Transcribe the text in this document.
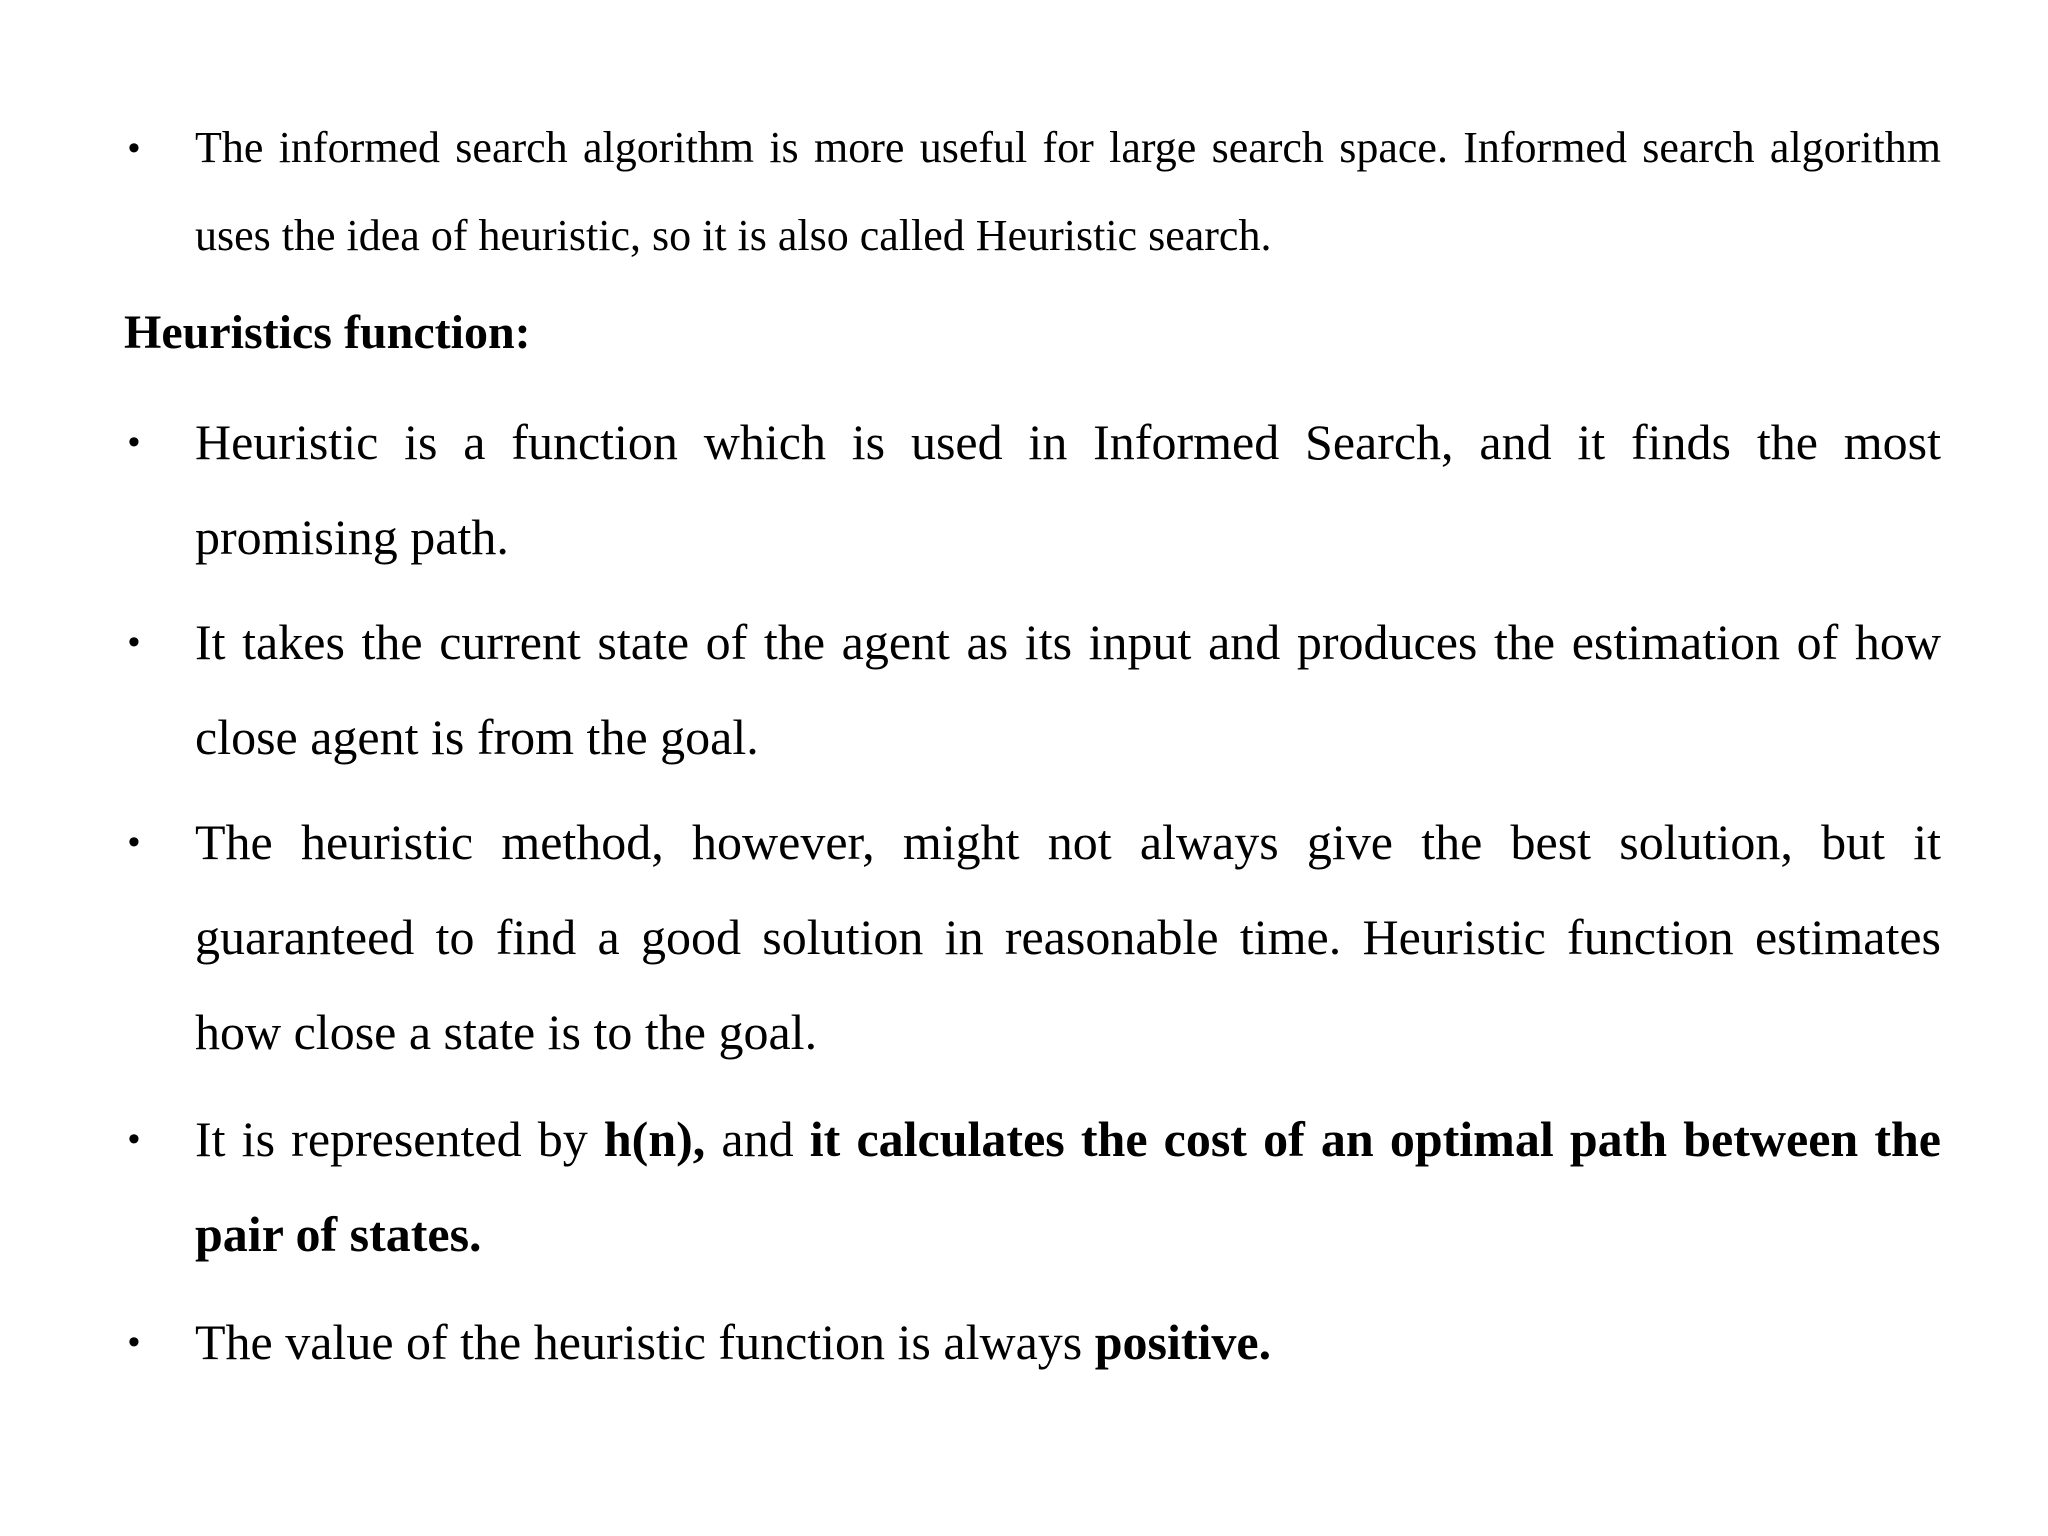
• The informed search algorithm is more useful for large search space. Informed search algorithm uses the idea of heuristic, so it is also called Heuristic search.
Heuristics function:
• Heuristic is a function which is used in Informed Search, and it finds the most promising path.
• It takes the current state of the agent as its input and produces the estimation of how close agent is from the goal.
• The heuristic method, however, might not always give the best solution, but it guaranteed to find a good solution in reasonable time. Heuristic function estimates how close a state is to the goal.
• It is represented by h(n), and it calculates the cost of an optimal path between the pair of states.
• The value of the heuristic function is always positive.
